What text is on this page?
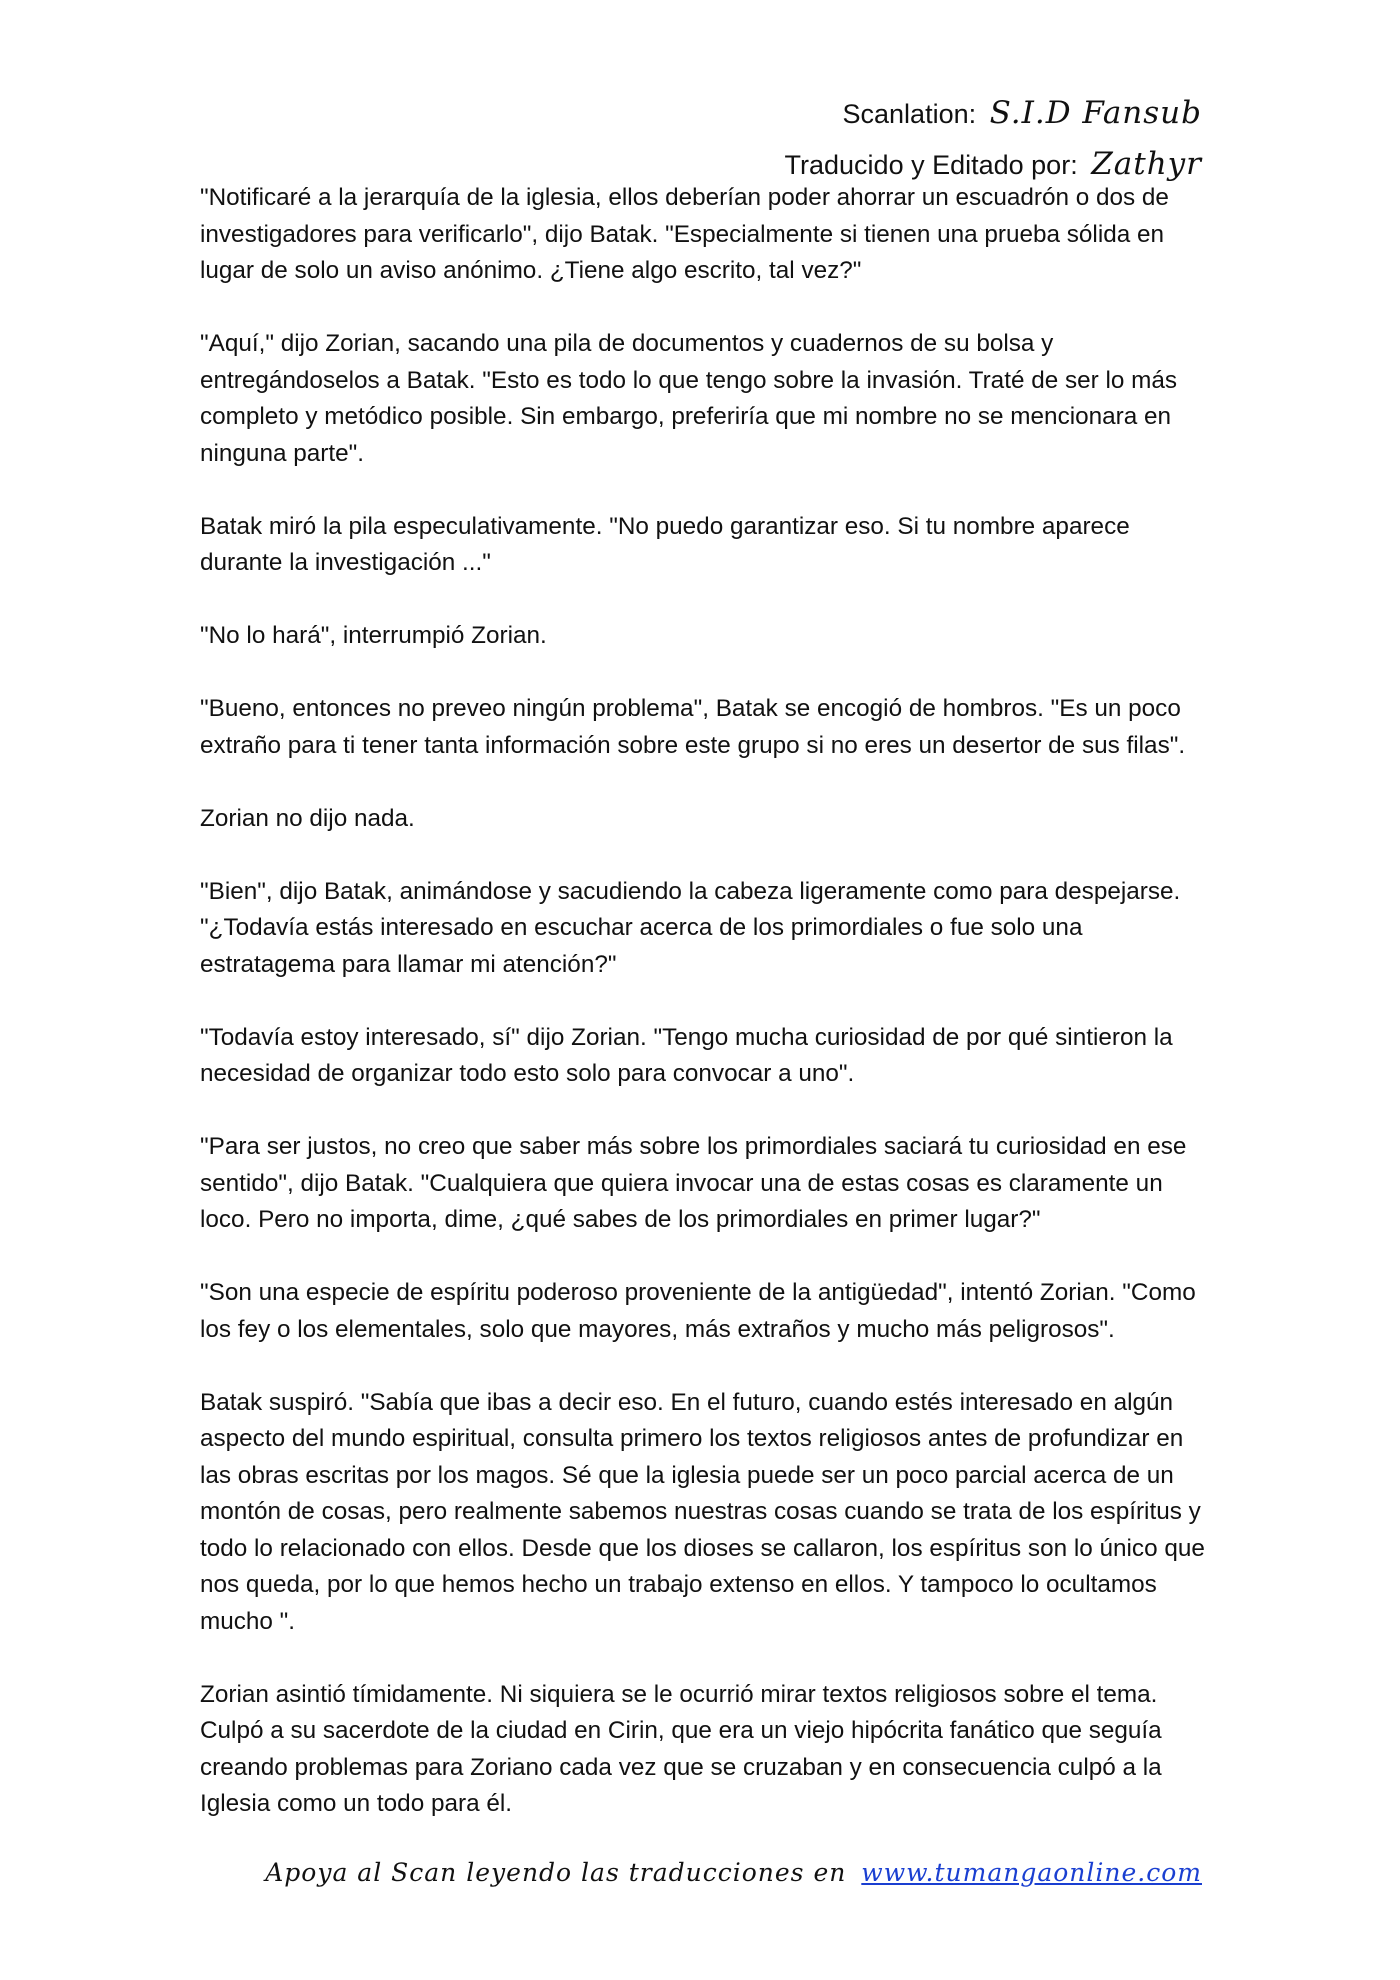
Scanlation: S.I.D Fansub
Traducido y Editado por: Zathyr

"Notificaré a la jerarquía de la iglesia, ellos deberían poder ahorrar un escuadrón o dos de investigadores para verificarlo", dijo Batak. "Especialmente si tienen una prueba sólida en lugar de solo un aviso anónimo. ¿Tiene algo escrito, tal vez?"

"Aquí," dijo Zorian, sacando una pila de documentos y cuadernos de su bolsa y entregándoselos a Batak. "Esto es todo lo que tengo sobre la invasión. Traté de ser lo más completo y metódico posible. Sin embargo, preferiría que mi nombre no se mencionara en ninguna parte".

Batak miró la pila especulativamente. "No puedo garantizar eso. Si tu nombre aparece durante la investigación ..."

"No lo hará", interrumpió Zorian.

"Bueno, entonces no preveo ningún problema", Batak se encogió de hombros. "Es un poco extraño para ti tener tanta información sobre este grupo si no eres un desertor de sus filas".

Zorian no dijo nada.

"Bien", dijo Batak, animándose y sacudiendo la cabeza ligeramente como para despejarse. "¿Todavía estás interesado en escuchar acerca de los primordiales o fue solo una estratagema para llamar mi atención?"

"Todavía estoy interesado, sí" dijo Zorian. "Tengo mucha curiosidad de por qué sintieron la necesidad de organizar todo esto solo para convocar a uno".

"Para ser justos, no creo que saber más sobre los primordiales saciará tu curiosidad en ese sentido", dijo Batak. "Cualquiera que quiera invocar una de estas cosas es claramente un loco. Pero no importa, dime, ¿qué sabes de los primordiales en primer lugar?"

"Son una especie de espíritu poderoso proveniente de la antigüedad", intentó Zorian. "Como los fey o los elementales, solo que mayores, más extraños y mucho más peligrosos".

Batak suspiró. "Sabía que ibas a decir eso. En el futuro, cuando estés interesado en algún aspecto del mundo espiritual, consulta primero los textos religiosos antes de profundizar en las obras escritas por los magos. Sé que la iglesia puede ser un poco parcial acerca de un montón de cosas, pero realmente sabemos nuestras cosas cuando se trata de los espíritus y todo lo relacionado con ellos. Desde que los dioses se callaron, los espíritus son lo único que nos queda, por lo que hemos hecho un trabajo extenso en ellos. Y tampoco lo ocultamos mucho ".

Zorian asintió tímidamente. Ni siquiera se le ocurrió mirar textos religiosos sobre el tema. Culpó a su sacerdote de la ciudad en Cirin, que era un viejo hipócrita fanático que seguía creando problemas para Zoriano cada vez que se cruzaban y en consecuencia culpó a la Iglesia como un todo para él.

Apoya al Scan leyendo las traducciones en www.tumangaonline.com
